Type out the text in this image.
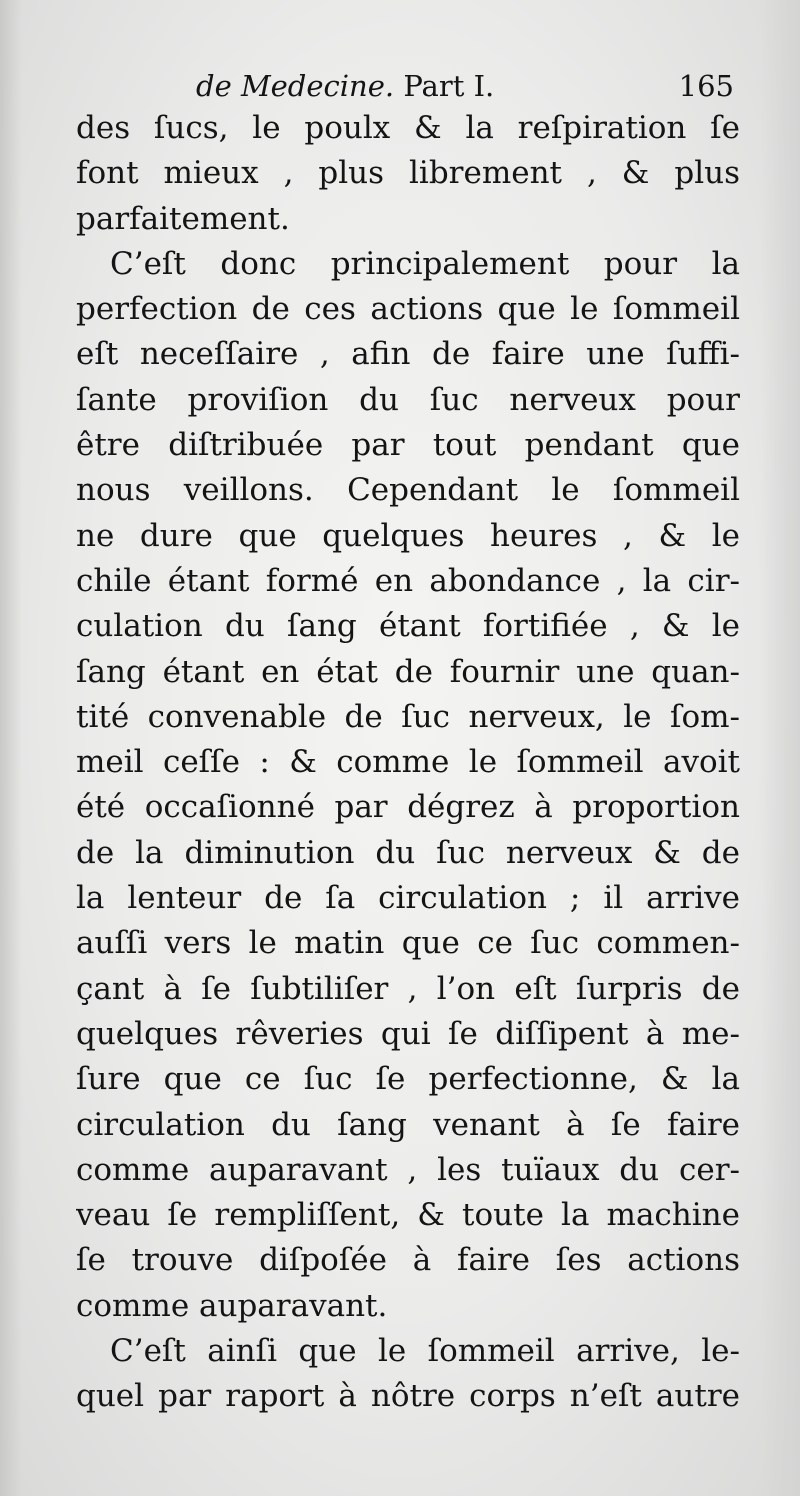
de Medecine. Part I.	165
des ſucs, le poulx & la reſpiration ſe
font mieux , plus librement , & plus
parfaitement.
C’eſt donc principalement pour la
perfection de ces actions que le ſommeil
eſt neceſſaire , afin de faire une ſuffi-
ſante proviſion du ſuc nerveux pour
être diſtribuée par tout pendant que
nous veillons. Cependant le ſommeil
ne dure que quelques heures , & le
chile étant formé en abondance , la cir-
culation du ſang étant fortifiée , & le
ſang étant en état de fournir une quan-
tité convenable de ſuc nerveux, le ſom-
meil ceſſe : & comme le ſommeil avoit
été occaſionné par dégrez à proportion
de la diminution du ſuc nerveux & de
la lenteur de ſa circulation ; il arrive
auſſi vers le matin que ce ſuc commen-
çant à ſe ſubtiliſer , l’on eſt ſurpris de
quelques rêveries qui ſe diſſipent à me-
ſure que ce ſuc ſe perfectionne, & la
circulation du ſang venant à ſe faire
comme auparavant , les tuïaux du cer-
veau ſe rempliſſent, & toute la machine
ſe trouve diſpoſée à faire ſes actions
comme auparavant.
C’eſt ainſi que le ſommeil arrive, le-
quel par raport à nôtre corps n’eſt autre
